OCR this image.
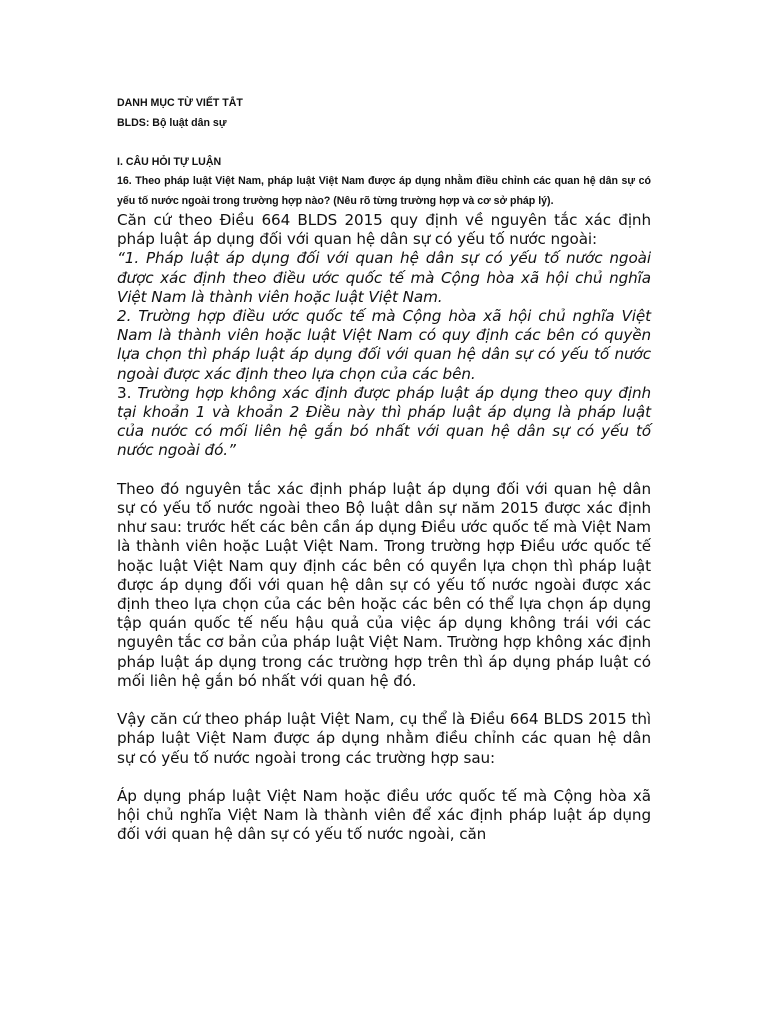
DANH MỤC TỪ VIẾT TẮT

BLDS: Bộ luật dân sự

I. CÂU HỎI TỰ LUẬN

16. Theo pháp luật Việt Nam, pháp luật Việt Nam được áp dụng nhằm điều chỉnh các quan hệ dân sự có yếu tố nước ngoài trong trường hợp nào? (Nêu rõ từng trường hợp và cơ sở pháp lý).

Căn cứ theo Điều 664 BLDS 2015 quy định về nguyên tắc xác định pháp luật áp dụng đối với quan hệ dân sự có yếu tố nước ngoài:

“1. Pháp luật áp dụng đối với quan hệ dân sự có yếu tố nước ngoài được xác định theo điều ước quốc tế mà Cộng hòa xã hội chủ nghĩa Việt Nam là thành viên hoặc luật Việt Nam.

2. Trường hợp điều ước quốc tế mà Cộng hòa xã hội chủ nghĩa Việt Nam là thành viên hoặc luật Việt Nam có quy định các bên có quyền lựa chọn thì pháp luật áp dụng đối với quan hệ dân sự có yếu tố nước ngoài được xác định theo lựa chọn của các bên.

3. Trường hợp không xác định được pháp luật áp dụng theo quy định tại khoản 1 và khoản 2 Điều này thì pháp luật áp dụng là pháp luật của nước có mối liên hệ gắn bó nhất với quan hệ dân sự có yếu tố nước ngoài đó.”

Theo đó nguyên tắc xác định pháp luật áp dụng đối với quan hệ dân sự có yếu tố nước ngoài theo Bộ luật dân sự năm 2015 được xác định như sau: trước hết các bên cần áp dụng Điều ước quốc tế mà Việt Nam là thành viên hoặc Luật Việt Nam. Trong trường hợp Điều ước quốc tế hoặc luật Việt Nam quy định các bên có quyền lựa chọn thì pháp luật được áp dụng đối với quan hệ dân sự có yếu tố nước ngoài được xác định theo lựa chọn của các bên hoặc các bên có thể lựa chọn áp dụng tập quán quốc tế nếu hậu quả của việc áp dụng không trái với các nguyên tắc cơ bản của pháp luật Việt Nam. Trường hợp không xác định pháp luật áp dụng trong các trường hợp trên thì áp dụng pháp luật có mối liên hệ gắn bó nhất với quan hệ đó.

Vậy căn cứ theo pháp luật Việt Nam, cụ thể là Điều 664 BLDS 2015 thì pháp luật Việt Nam được áp dụng nhằm điều chỉnh các quan hệ dân sự có yếu tố nước ngoài trong các trường hợp sau:

Áp dụng pháp luật Việt Nam hoặc điều ước quốc tế mà Cộng hòa xã hội chủ nghĩa Việt Nam là thành viên để xác định pháp luật áp dụng đối với quan hệ dân sự có yếu tố nước ngoài, căn
